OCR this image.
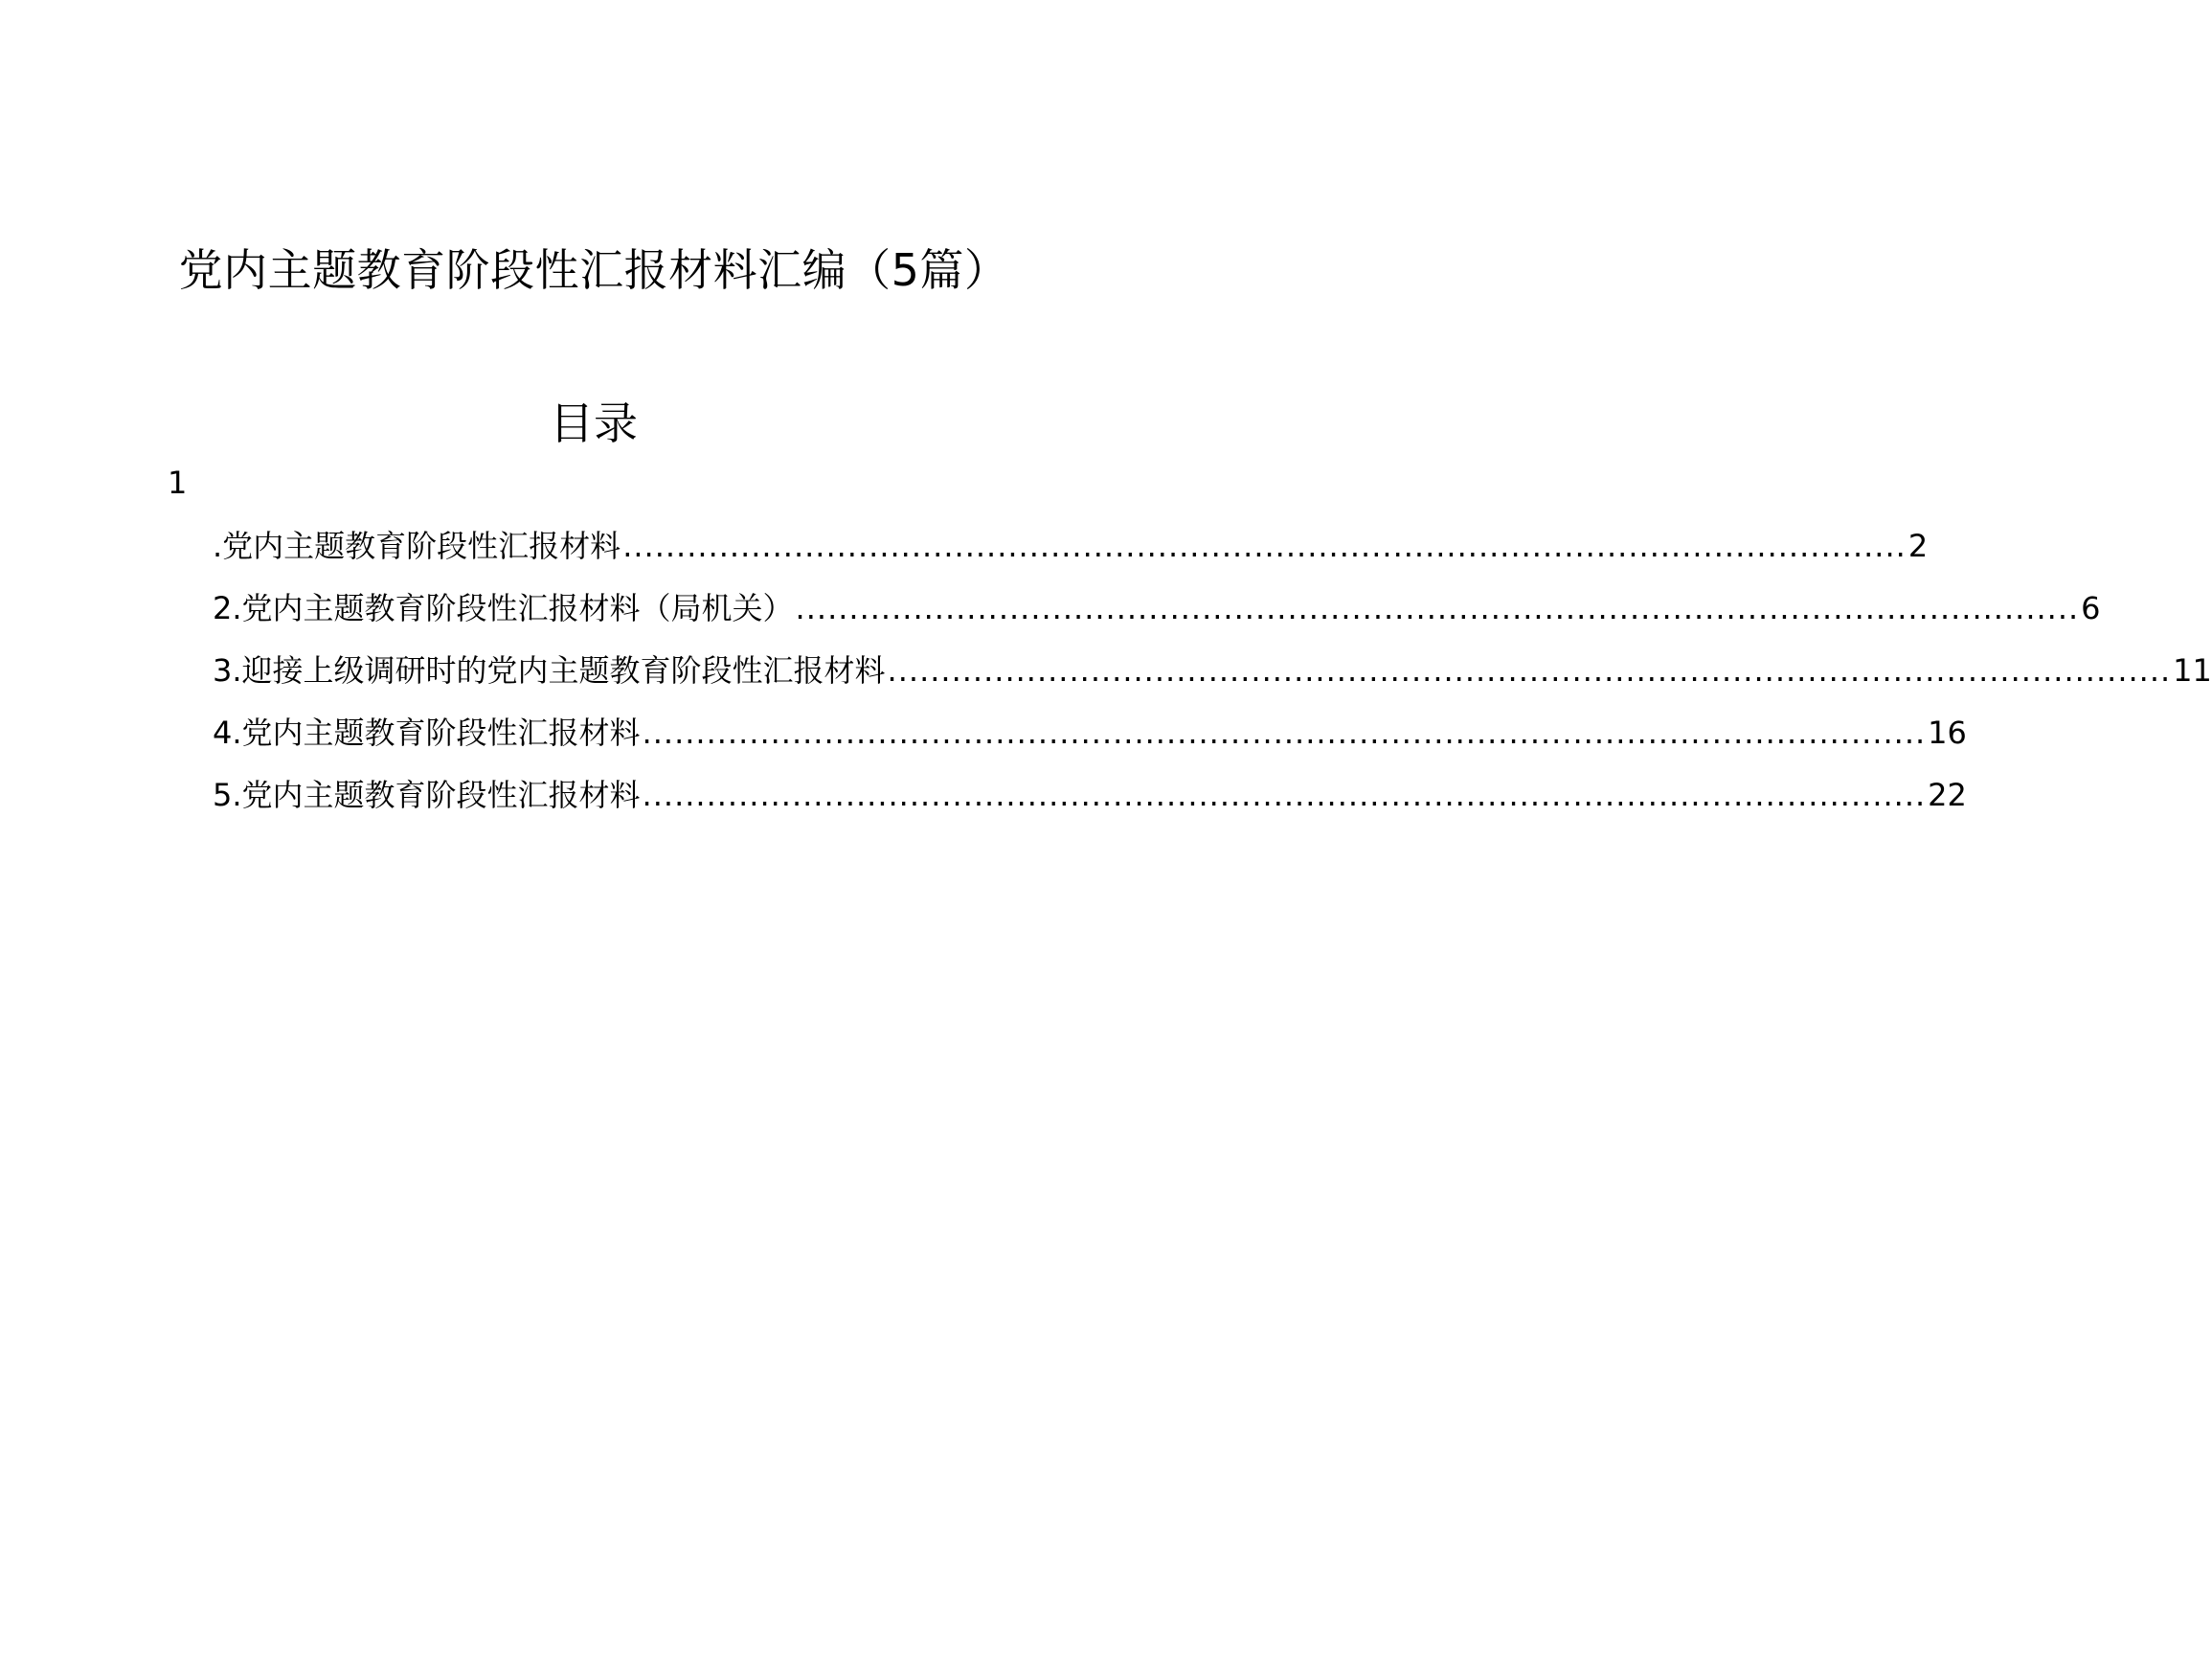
党内主题教育阶段性汇报材料汇编（5篇）
目录
1
.党内主题教育阶段性汇报材料 ........................................................................................................................ 2
2.党内主题教育阶段性汇报材料（局机关） ........................................................................................................................ 6
3.迎接上级调研时的党内主题教育阶段性汇报材料 ........................................................................................................................ 11
4.党内主题教育阶段性汇报材料 ........................................................................................................................ 16
5.党内主题教育阶段性汇报材料 ........................................................................................................................ 22
